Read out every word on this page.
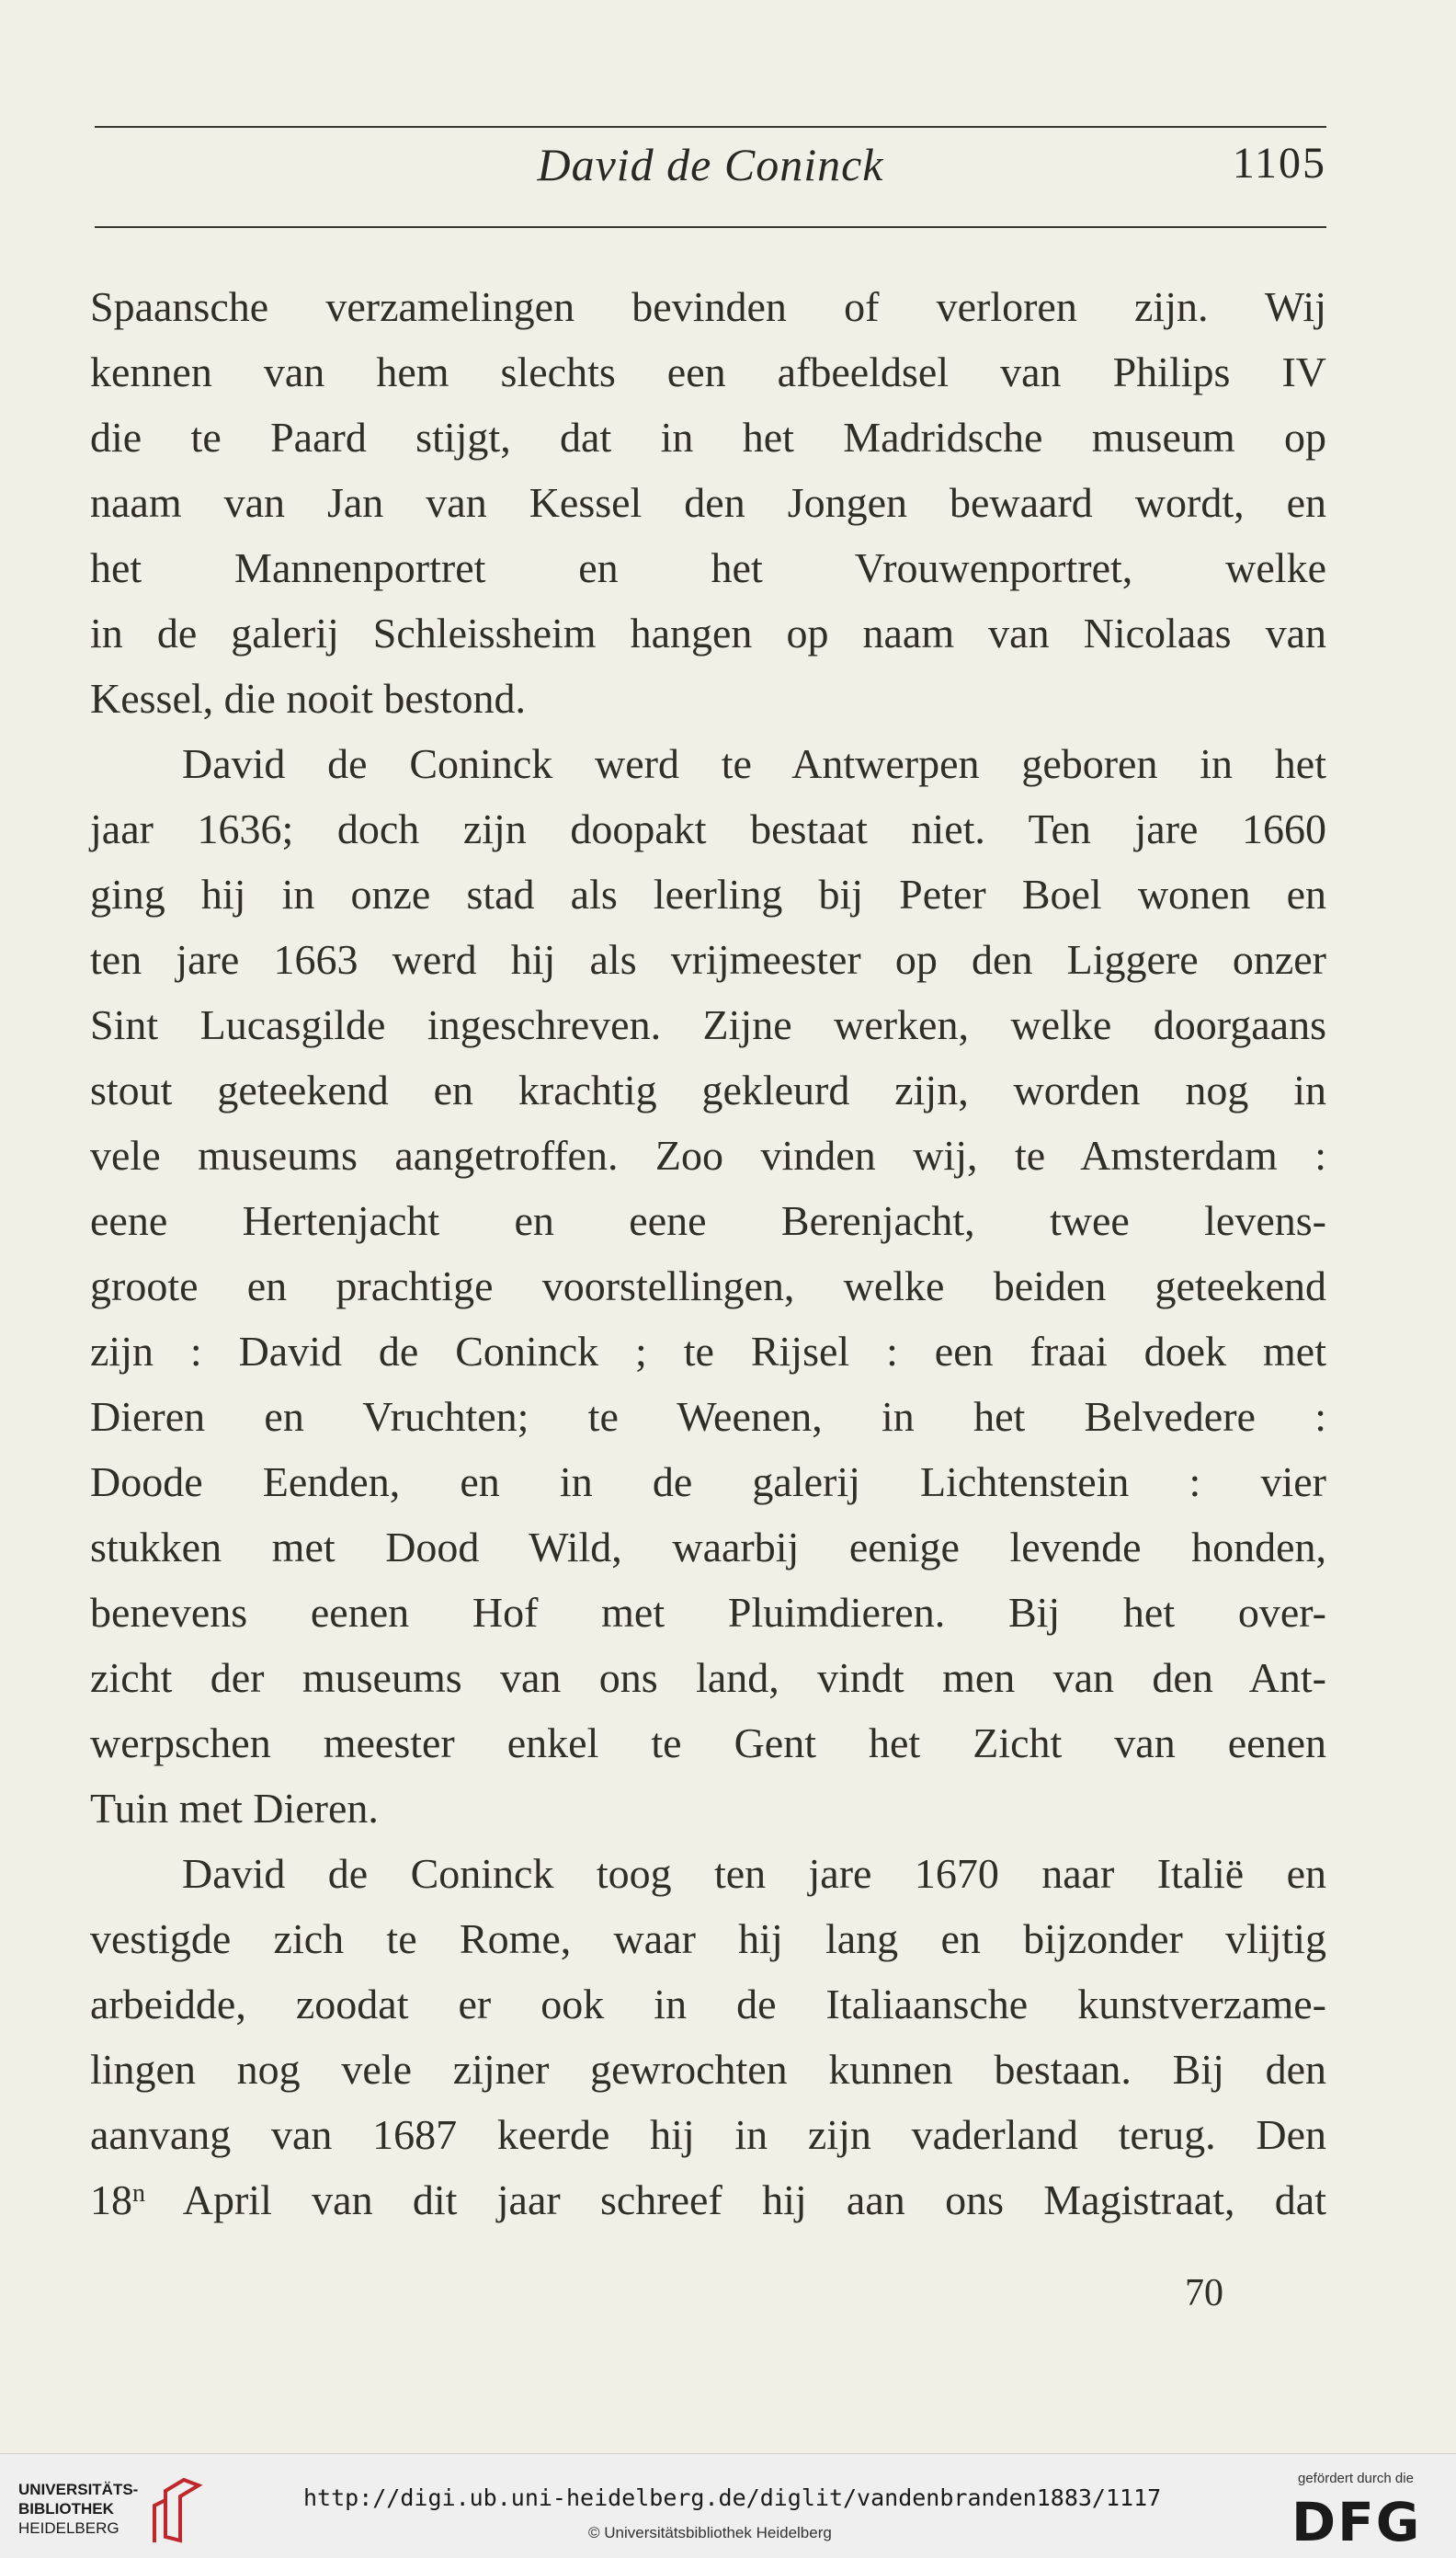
David de Coninck	1105
Spaansche verzamelingen bevinden of verloren zijn. Wij
kennen van hem slechts een afbeeldsel van Philips IV
die te Paard stijgt, dat in het Madridsche museum op
naam van Jan van Kessel den Jongen bewaard wordt, en
het Mannenportret en het Vrouwenportret, welke
in de galerij Schleissheim hangen op naam van Nicolaas van
Kessel, die nooit bestond.
David de Coninck werd te Antwerpen geboren in het
jaar 1636; doch zijn doopakt bestaat niet. Ten jare 1660
ging hij in onze stad als leerling bij Peter Boel wonen en
ten jare 1663 werd hij als vrijmeester op den Liggere onzer
Sint Lucasgilde ingeschreven. Zijne werken, welke doorgaans
stout geteekend en krachtig gekleurd zijn, worden nog in
vele museums aangetroffen. Zoo vinden wij, te Amsterdam :
eene Hertenjacht en eene Berenjacht, twee levens-
groote en prachtige voorstellingen, welke beiden geteekend
zijn : David de Coninck ; te Rijsel : een fraai doek met
Dieren en Vruchten; te Weenen, in het Belvedere :
Doode Eenden, en in de galerij Lichtenstein : vier
stukken met Dood Wild, waarbij eenige levende honden,
benevens eenen Hof met Pluimdieren. Bij het over-
zicht der museums van ons land, vindt men van den Ant-
werpschen meester enkel te Gent het Zicht van eenen
Tuin met Dieren.
David de Coninck toog ten jare 1670 naar Italië en
vestigde zich te Rome, waar hij lang en bijzonder vlijtig
arbeidde, zoodat er ook in de Italiaansche kunstverzame-
lingen nog vele zijner gewrochten kunnen bestaan. Bij den
aanvang van 1687 keerde hij in zijn vaderland terug. Den
18$^n$ April van dit jaar schreef hij aan ons Magistraat, dat
70
UNIVERSITÄTS-
BIBLIOTHEK
HEIDELBERG
http://digi.ub.uni-heidelberg.de/diglit/vandenbranden1883/1117
© Universitätsbibliothek Heidelberg
gefördert durch die
DFG
